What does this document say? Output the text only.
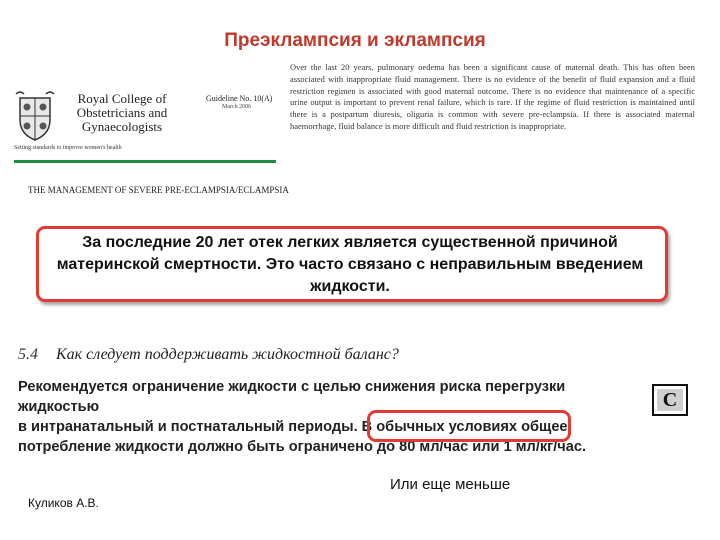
Преэклампсия и эклампсия
Royal College of
Obstetricians and
Gynaecologists
Setting standards to improve women's health
Guideline No. 10(A)
March 2006
THE MANAGEMENT OF SEVERE PRE-ECLAMPSIA/ECLAMPSIA
Over the last 20 years, pulmonary oedema has been a significant cause of maternal death. This has often been associated with inappropriate fluid management. There is no evidence of the benefit of fluid expansion and a fluid restriction regimen is associated with good maternal outcome. There is no evidence that maintenance of a specific urine output is important to prevent renal failure, which is rare. If the regime of fluid restriction is maintained until there is a postpartum diuresis, oliguria is common with severe pre-eclampsia. If there is associated maternal haemorrhage, fluid balance is more difficult and fluid restriction is inappropriate.
За последние 20 лет отек легких является существенной причиной материнской смертности. Это часто связано с неправильным введением жидкости.
5.4 Как следует поддерживать жидкостной баланс?
Рекомендуется ограничение жидкости с целью снижения риска перегрузки жидкостью
в интранатальный и постнатальный периоды. В обычных условиях общее
потребление жидкости должно быть ограничено до 80 мл/час или 1 мл/кг/час.
C
Или еще меньше
Куликов А.В.
